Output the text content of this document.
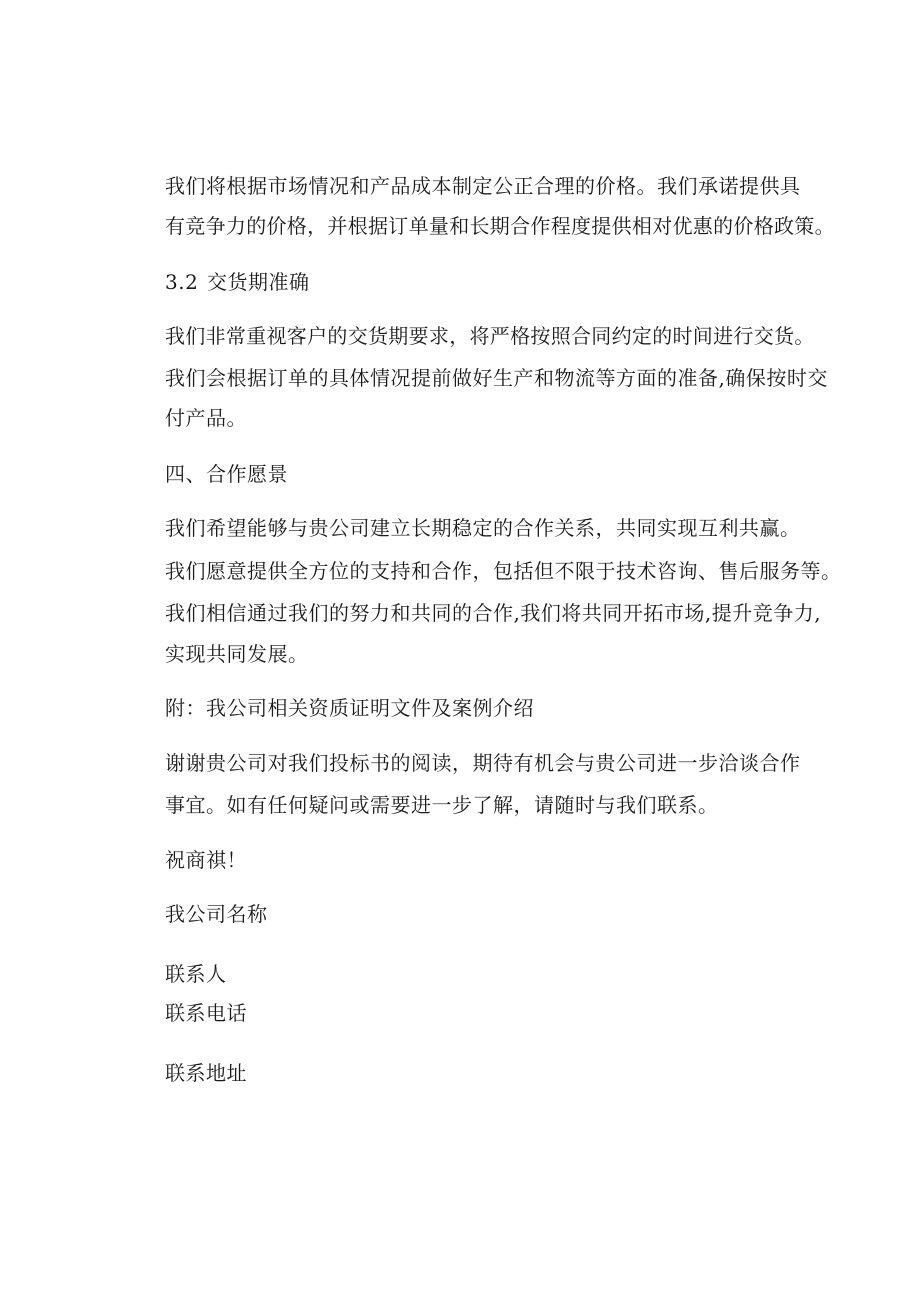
我们将根据市场情况和产品成本制定公正合理的价格。我们承诺提供具
有竞争力的价格，并根据订单量和长期合作程度提供相对优惠的价格政策。
3.2 交货期准确
我们非常重视客户的交货期要求，将严格按照合同约定的时间进行交货。
我们会根据订单的具体情况提前做好生产和物流等方面的准备,确保按时交
付产品。
四、合作愿景
我们希望能够与贵公司建立长期稳定的合作关系，共同实现互利共赢。
我们愿意提供全方位的支持和合作，包括但不限于技术咨询、售后服务等。
我们相信通过我们的努力和共同的合作,我们将共同开拓市场,提升竞争力,
实现共同发展。
附：我公司相关资质证明文件及案例介绍
谢谢贵公司对我们投标书的阅读，期待有机会与贵公司进一步洽谈合作
事宜。如有任何疑问或需要进一步了解，请随时与我们联系。
祝商祺！
我公司名称
联系人
联系电话
联系地址
